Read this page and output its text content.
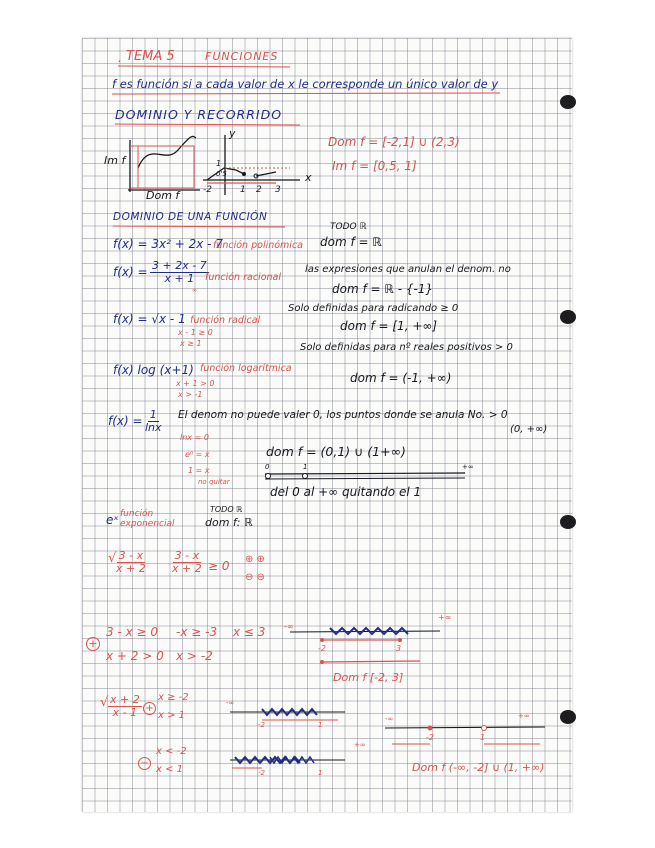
. TEMA 5	FUNCIONES
f es función si a cada valor de x le corresponde un único valor de y
DOMINIO Y RECORRIDO
Im f
Dom f
y
x
1
0'5
-2	1 2 3
Dom f = [-2,1] ∪ (2,3)
Im f = [0,5, 1]
DOMINIO DE UNA FUNCIÓN
f(x) = 3x² + 2x - 7
función polinómica
TODO ℝ
dom f = ℝ
$f(x) = \frac{3 + 2x - 7}{x + 1}$
∞
función racional
las expresiones que anulan el denom. no
dom f = ℝ - {-1}
f(x) = √x - 1 función radical
x - 1 ≥ 0
x ≥ 1
Solo definidas para radicando ≥ 0
dom f = [1, +∞]
f(x) log (x+1) función logarítmica
x + 1 > 0
x > -1
Solo definidas para nº reales positivos > 0
dom f = (-1, +∞)
$f(x) = \frac{1}{\ln x}$ El denom no puede valer 0, los puntos donde se anula No. > 0
(0, +∞)
lnx = 0
e⁰ = x
1 = x
no quitar
dom f = (0,1) ∪ (1+∞)
0	1	+∞
del 0 al +∞ quitando el 1
eˣ función exponencial
TODO ℝ
dom f: ℝ
√ $\frac{3 - x}{x + 2} \frac{3 - x}{x + 2} \ge 0$ ⊕ ⊕
⊖ ⊖
+
3 - x ≥ 0 -x ≥ -3 x ≤ 3
x + 2 > 0 x > -2
-∞
+∞
3
-2
Dom f [-2, 3]
√ $\frac{x + 2}{x - 1}$ +
x ≥ -2
x > 1
−
x < -2
x < 1
-∞
-2	1
-2	1
+∞
-∞	+∞
-2	1
Dom f (-∞, -2] ∪ (1, +∞)
